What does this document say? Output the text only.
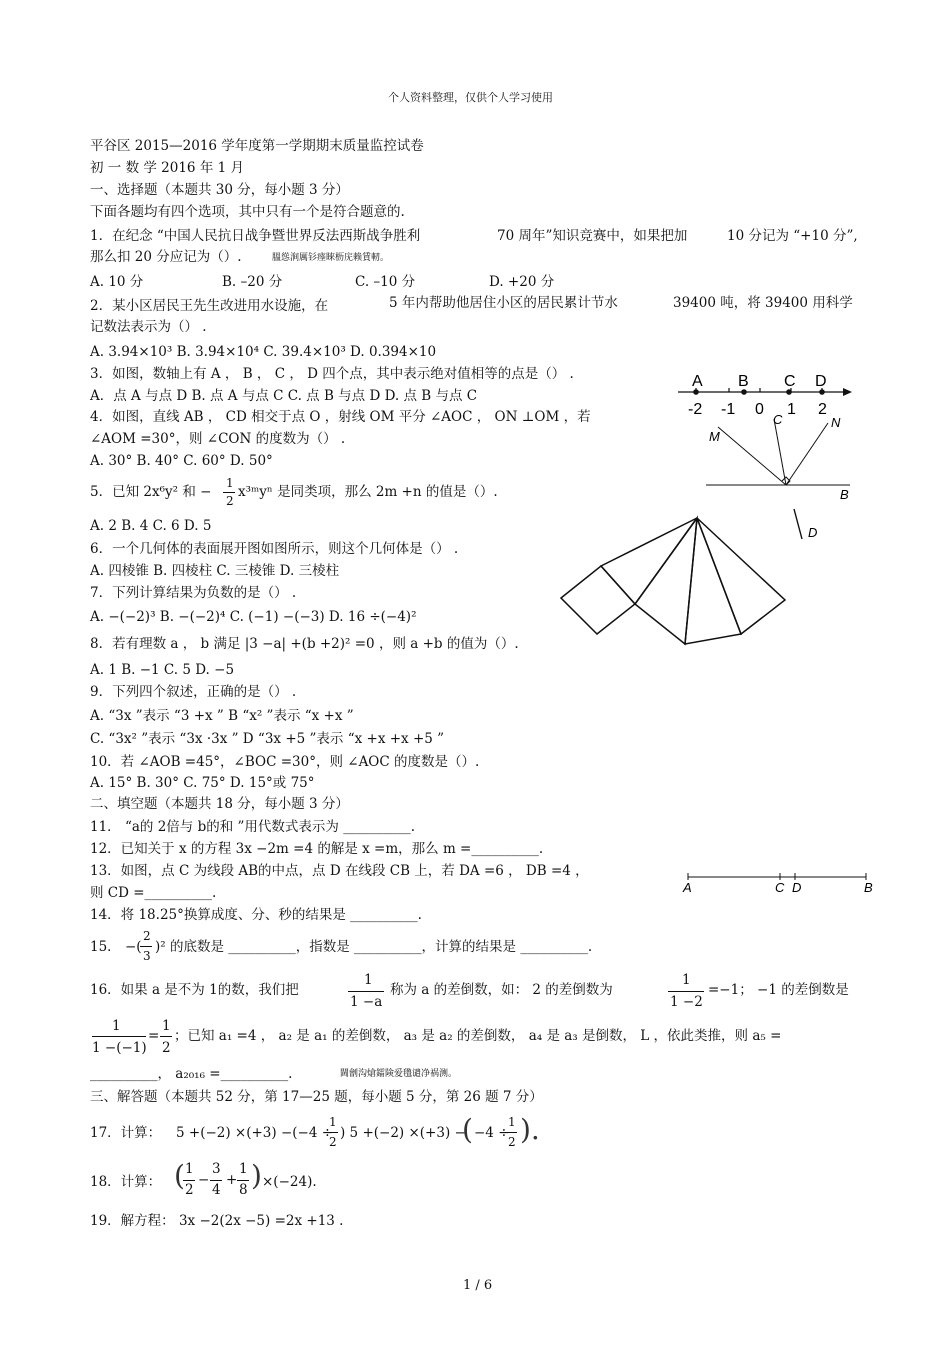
个人资料整理，仅供个人学习使用
平谷区 2015—2016 学年度第一学期期末质量监控试卷
初 一 数 学 2016 年 1 月
一、选择题（本题共 30 分，每小题 3 分）
下面各题均有四个选项，其中只有一个是符合题意的.
1．在纪念 “中国人民抗日战争暨世界反法西斯战争胜利	70 周年”知识竞赛中，如果把加	10 分记为 “+10 分”,
那么扣 20 分应记为（）.	膃慫涧厲钐瘗睞枥庑赖賃軔。
A. 10 分	B. –20 分	C. –10 分	D. +20 分
2．某小区居民王先生改进用水设施，在	5 年内帮助他居住小区的居民累计节水	39400 吨，将 39400 用科学
记数法表示为（） .
A. 3.94×10³ B. 3.94×10⁴ C. 39.4×10³ D. 0.394×10
3．如图，数轴上有 A ， B ， C ， D 四个点，其中表示绝对值相等的点是（） .
A．点 A 与点 D B. 点 A 与点 C C. 点 B 与点 D D. 点 B 与点 C
4．如图，直线 AB ， CD 相交于点 O ，射线 OM 平分 ∠AOC ， ON ⊥OM ，若
∠AOM =30°，则 ∠CON 的度数为（） .
A. 30° B. 40° C. 60° D. 50°
5．已知 2x⁶y² 和 −
1
2
x³ᵐyⁿ 是同类项，那么 2m +n 的值是（）.
A. 2 B. 4 C. 6 D. 5
6．一个几何体的表面展开图如图所示，则这个几何体是（） .
A. 四棱锥 B. 四棱柱 C. 三棱锥 D. 三棱柱
7．下列计算结果为负数的是（） .
A. −(−2)³ B. −(−2)⁴ C. (−1) −(−3) D. 16 ÷(−4)²
8．若有理数 a ， b 满足 |3 −a| +(b +2)² =0 ，则 a +b 的值为（）.
A. 1 B. −1 C. 5 D. −5
9．下列四个叙述，正确的是（） .
A. “3x ”表示 “3 +x ” B “x² ”表示 “x +x ”
C. “3x² ”表示 “3x ·3x ” D “3x +5 ”表示 “x +x +x +5 ”
10．若 ∠AOB =45°，∠BOC =30°，则 ∠AOC 的度数是（）.
A. 15° B. 30° C. 75° D. 15°或 75°
二、填空题（本题共 18 分，每小题 3 分）
11． “a的 2倍与 b的和 ”用代数式表示为 __________.
12．已知关于 x 的方程 3x −2m =4 的解是 x =m，那么 m =__________.
13．如图，点 C 为线段 AB的中点，点 D 在线段 CB 上，若 DA =6 ， DB =4 ，
则 CD =__________.
14．将 18.25°换算成度、分、秒的结果是 __________.
15． −(
2
3
)² 的底数是 __________，指数是 __________，计算的结果是 __________.
16．如果 a 是不为 1的数，我们把
1
1 −a
称为 a 的差倒数，如： 2 的差倒数为
1
1 −2
=−1； −1 的差倒数是
1
1 −(−1)
=
1
2
；已知 a₁ =4 ， a₂ 是 a₁ 的差倒数， a₃ 是 a₂ 的差倒数， a₄ 是 a₃ 是倒数， L ，依此类推，则 a₅ =
__________， a₂₀₁₆ =__________.	閫劊沟熗鐳険爱氇谴净祸测。
三、解答题（本题共 52 分，第 17—25 题，每小题 5 分，第 26 题 7 分）
17．计算： 5 +(−2) ×(+3) −(−4 ÷
1
2
) 5 +(−2) ×(+3) −
( −4 ÷
1
2 ).
18．计算： ( 1
2
−
3
4
+
1
8 ) ×(−24).
19．解方程： 3x −2(2x −5) =2x +13 .
1 / 6
A B C D
-2 -1 0 1 2
M
C	N
B
D
A	C D	B
